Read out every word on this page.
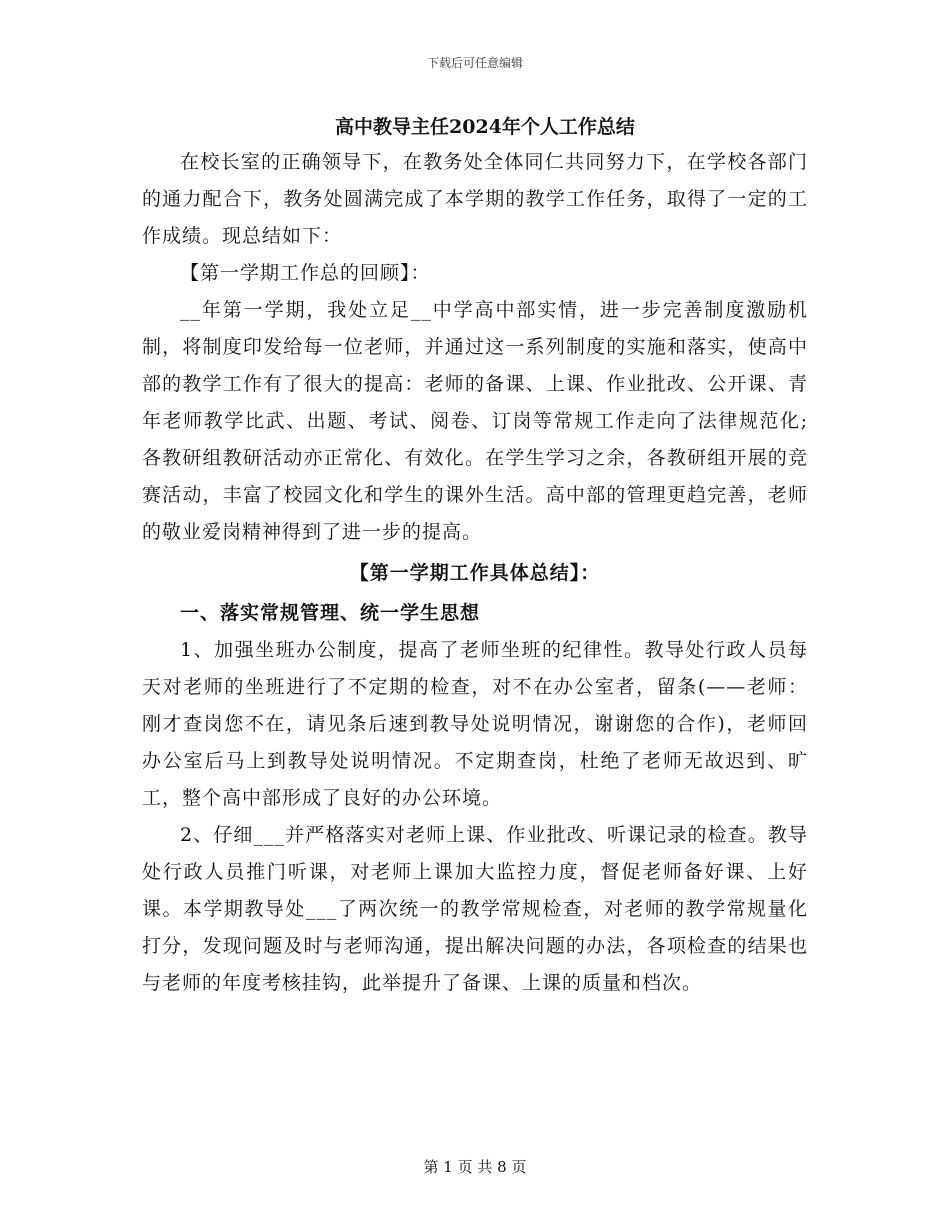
下载后可任意编辑

高中教导主任2024年个人工作总结

在校长室的正确领导下，在教务处全体同仁共同努力下，在学校各部门的通力配合下，教务处圆满完成了本学期的教学工作任务，取得了一定的工作成绩。现总结如下：

【第一学期工作总的回顾】：

__年第一学期，我处立足__中学高中部实情，进一步完善制度激励机制，将制度印发给每一位老师，并通过这一系列制度的实施和落实，使高中部的教学工作有了很大的提高：老师的备课、上课、作业批改、公开课、青年老师教学比武、出题、考试、阅卷、订岗等常规工作走向了法律规范化;各教研组教研活动亦正常化、有效化。在学生学习之余，各教研组开展的竞赛活动，丰富了校园文化和学生的课外生活。高中部的管理更趋完善，老师的敬业爱岗精神得到了进一步的提高。

【第一学期工作具体总结】：

一、落实常规管理、统一学生思想

1、加强坐班办公制度，提高了老师坐班的纪律性。教导处行政人员每天对老师的坐班进行了不定期的检查，对不在办公室者，留条(——老师：刚才查岗您不在，请见条后速到教导处说明情况，谢谢您的合作)，老师回办公室后马上到教导处说明情况。不定期查岗，杜绝了老师无故迟到、旷工，整个高中部形成了良好的办公环境。

2、仔细___并严格落实对老师上课、作业批改、听课记录的检查。教导处行政人员推门听课，对老师上课加大监控力度，督促老师备好课、上好课。本学期教导处___了两次统一的教学常规检查，对老师的教学常规量化打分，发现问题及时与老师沟通，提出解决问题的办法，各项检查的结果也与老师的年度考核挂钩，此举提升了备课、上课的质量和档次。

第 1 页 共 8 页
